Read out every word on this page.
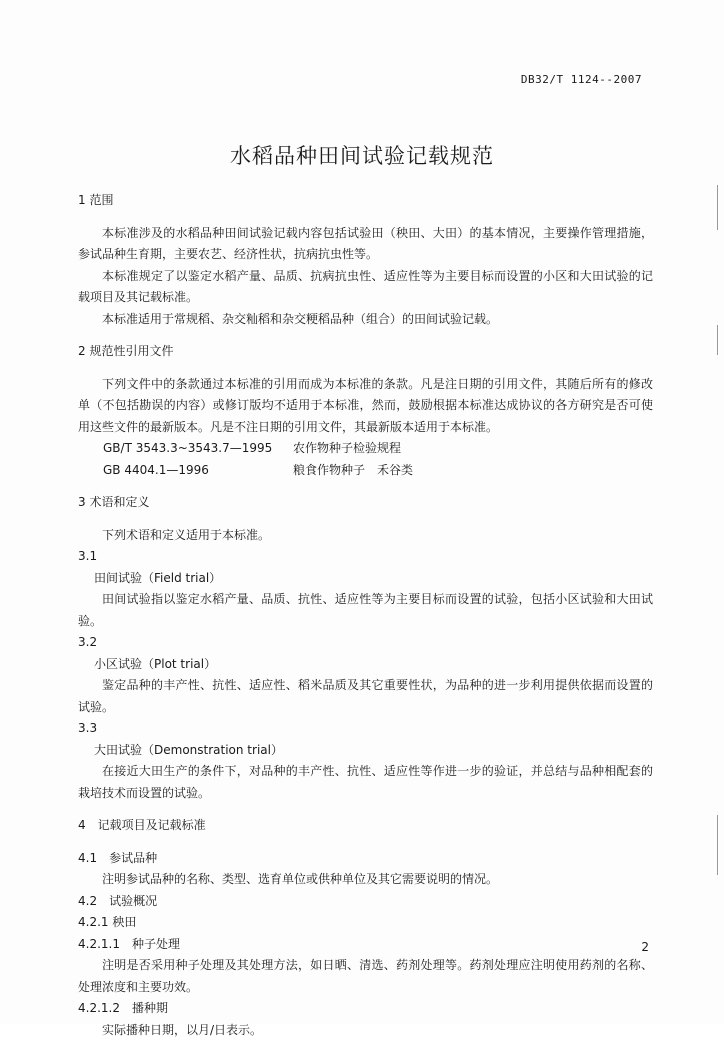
DB32/T 1124--2007
水稻品种田间试验记载规范

1 范围

本标准涉及的水稻品种田间试验记载内容包括试验田（秧田、大田）的基本情况，主要操作管理措施，参试品种生育期，主要农艺、经济性状，抗病抗虫性等。

本标准规定了以鉴定水稻产量、品质、抗病抗虫性、适应性等为主要目标而设置的小区和大田试验的记载项目及其记载标准。

本标准适用于常规稻、杂交籼稻和杂交粳稻品种（组合）的田间试验记载。

2 规范性引用文件

下列文件中的条款通过本标准的引用而成为本标准的条款。凡是注日期的引用文件，其随后所有的修改单（不包括勘误的内容）或修订版均不适用于本标准，然而，鼓励根据本标准达成协议的各方研究是否可使用这些文件的最新版本。凡是不注日期的引用文件，其最新版本适用于本标准。

GB/T 3543.3~3543.7—1995 农作物种子检验规程

GB 4404.1—1996	粮食作物种子　禾谷类

3 术语和定义

下列术语和定义适用于本标准。

3.1

田间试验（Field trial）

田间试验指以鉴定水稻产量、品质、抗性、适应性等为主要目标而设置的试验，包括小区试验和大田试验。

3.2

小区试验（Plot trial）

鉴定品种的丰产性、抗性、适应性、稻米品质及其它重要性状，为品种的进一步利用提供依据而设置的试验。

3.3

大田试验（Demonstration trial）

在接近大田生产的条件下，对品种的丰产性、抗性、适应性等作进一步的验证，并总结与品种相配套的栽培技术而设置的试验。

4　记载项目及记载标准

4.1　参试品种

注明参试品种的名称、类型、选育单位或供种单位及其它需要说明的情况。

4.2　试验概况

4.2.1 秧田

4.2.1.1　种子处理

注明是否采用种子处理及其处理方法，如日晒、清选、药剂处理等。药剂处理应注明使用药剂的名称、处理浓度和主要功效。

4.2.1.2　播种期

实际播种日期，以月/日表示。

2
